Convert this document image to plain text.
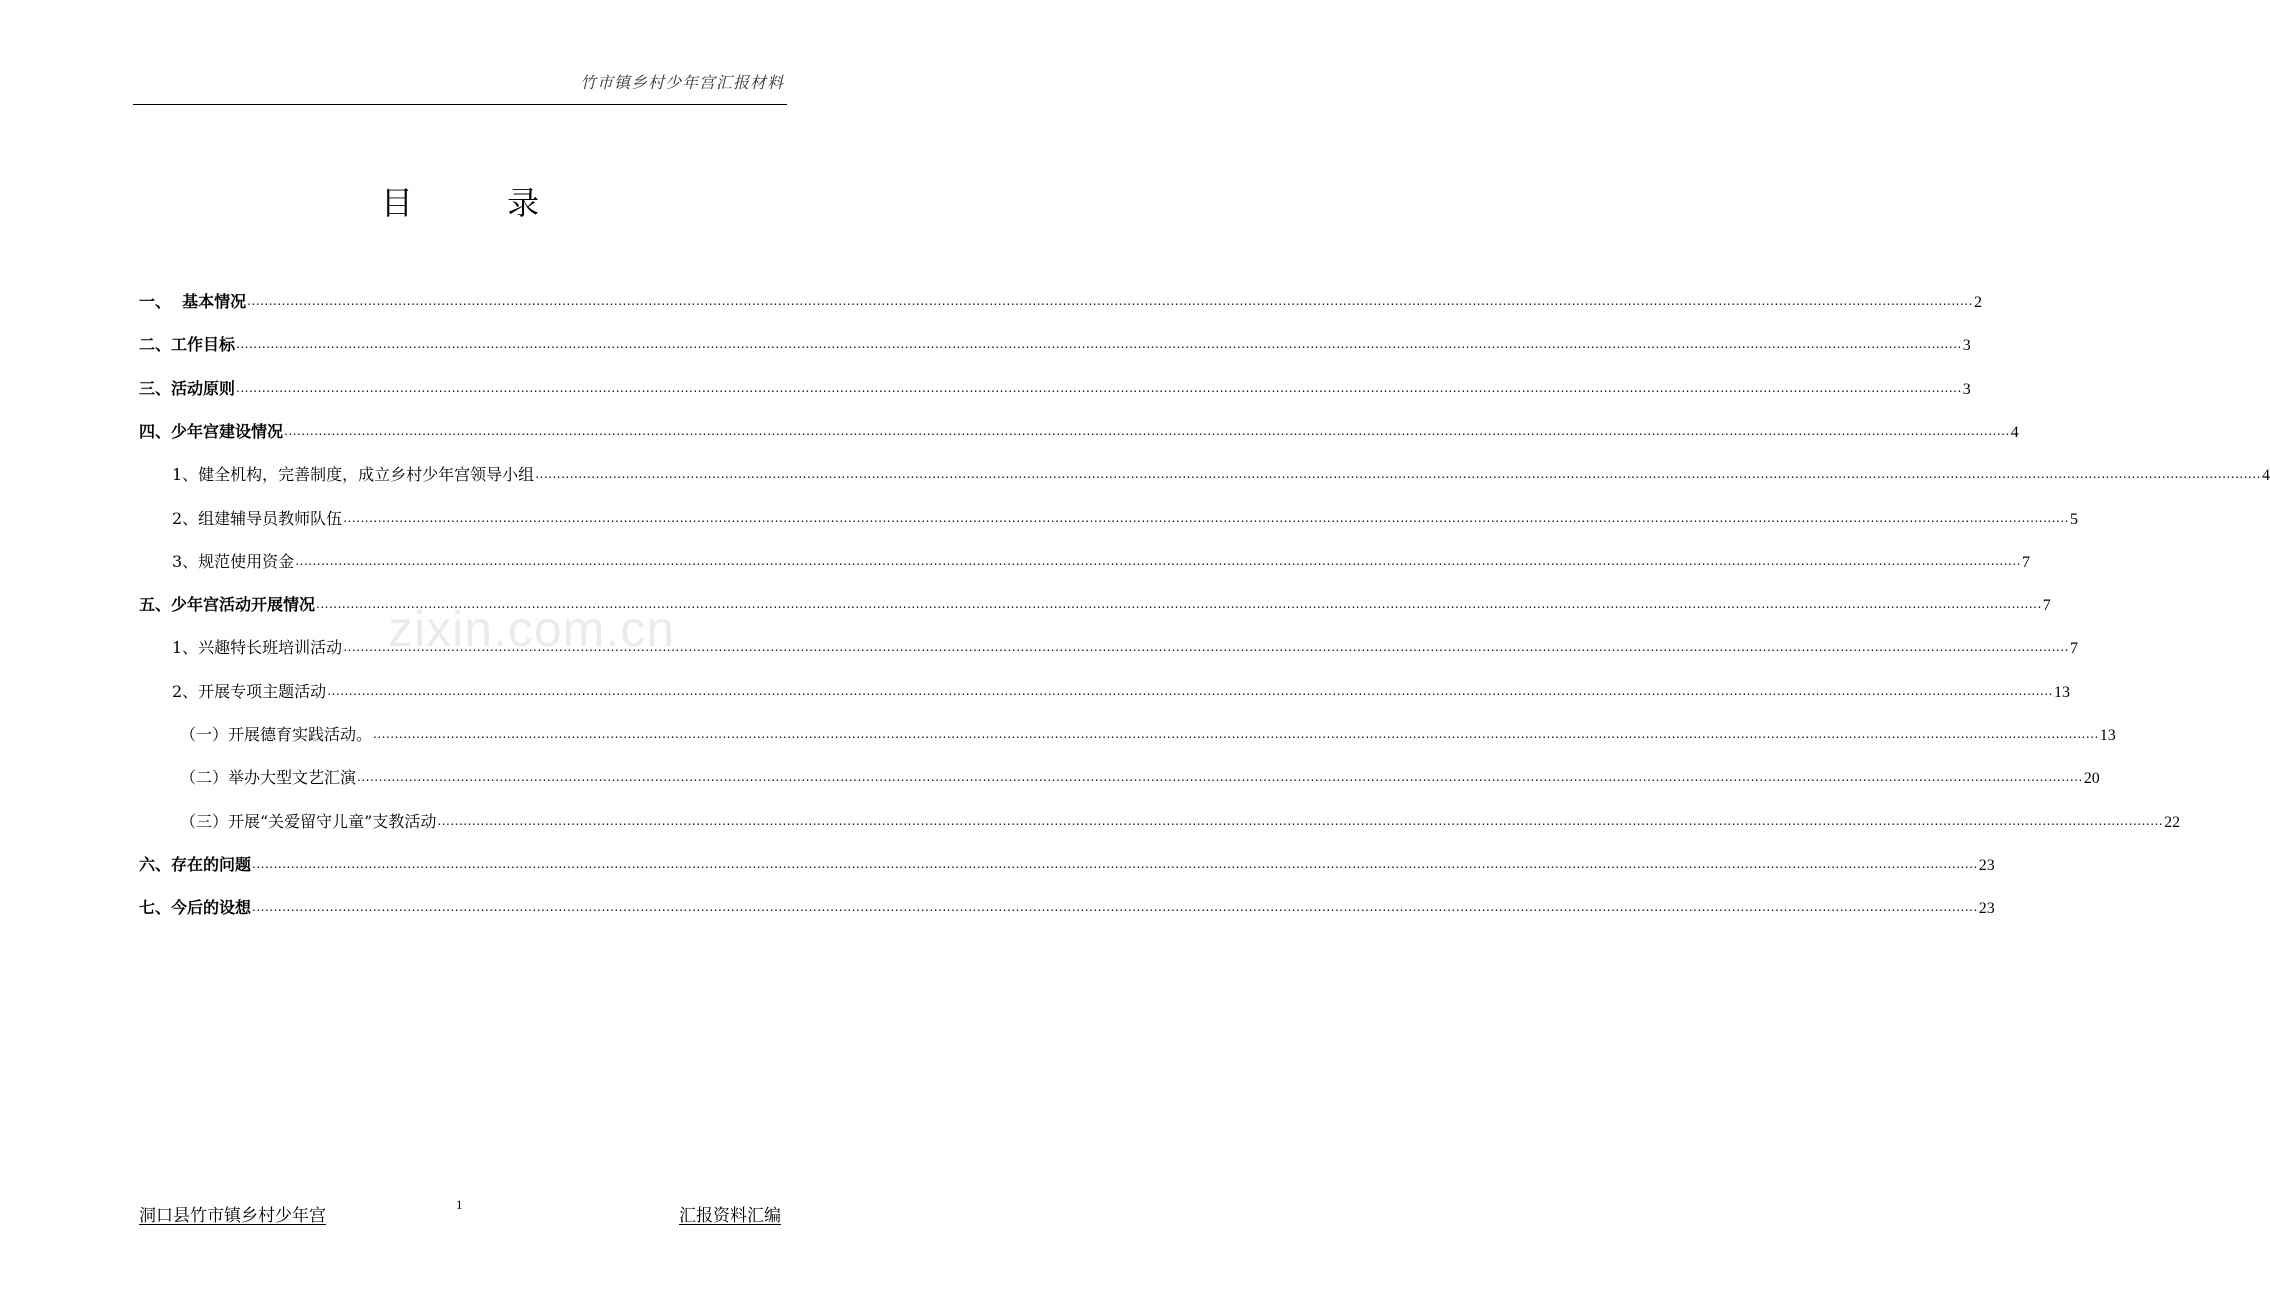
竹市镇乡村少年宫汇报材料
目 录
一、  基本情况 ................................................................................................................................................................................................................................................................................................................................................................................................................ 2
二、工作目标 ................................................................................................................................................................................................................................................................................................................................................................................................................ 3
三、活动原则 ................................................................................................................................................................................................................................................................................................................................................................................................................ 3
四、少年宫建设情况 ................................................................................................................................................................................................................................................................................................................................................................................................................ 4
1、健全机构，完善制度，成立乡村少年宫领导小组 ................................................................................................................................................................................................................................................................................................................................................................................................................ 4
2、组建辅导员教师队伍 ................................................................................................................................................................................................................................................................................................................................................................................................................ 5
3、规范使用资金 ................................................................................................................................................................................................................................................................................................................................................................................................................ 7
五、少年宫活动开展情况 ................................................................................................................................................................................................................................................................................................................................................................................................................ 7
1、兴趣特长班培训活动 ................................................................................................................................................................................................................................................................................................................................................................................................................ 7
2、开展专项主题活动 ................................................................................................................................................................................................................................................................................................................................................................................................................ 13
（一）开展德育实践活动。 ................................................................................................................................................................................................................................................................................................................................................................................................................ 13
（二）举办大型文艺汇演 ................................................................................................................................................................................................................................................................................................................................................................................................................ 20
（三）开展“关爱留守儿童”支教活动 ................................................................................................................................................................................................................................................................................................................................................................................................................ 22
六、存在的问题 ................................................................................................................................................................................................................................................................................................................................................................................................................ 23
七、今后的设想 ................................................................................................................................................................................................................................................................................................................................................................................................................ 23
zixin.com.cn
洞口县竹市镇乡村少年宫
1
汇报资料汇编
